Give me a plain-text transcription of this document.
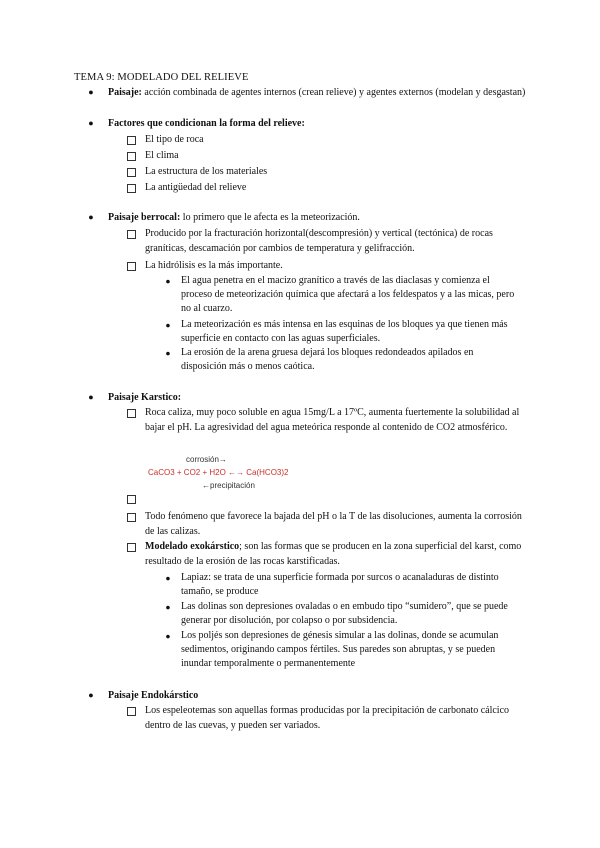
TEMA 9: MODELADO DEL RELIEVE
● Paisaje: acción combinada de agentes internos (crean relieve) y agentes externos (modelan y desgastan)
● Factores que condicionan la forma del relieve:
El tipo de roca
El clima
La estructura de los materiales
La antigüedad del relieve
● Paisaje berrocal: lo primero que le afecta es la meteorización.
Producido por la fracturación horizontal(descompresión) y vertical (tectónica) de rocas graníticas, descamación por cambios de temperatura y gelifracción.
La hidrólisis es la más importante.
● El agua penetra en el macizo granítico a través de las diaclasas y comienza el proceso de meteorización química que afectará a los feldespatos y a las micas, pero no al cuarzo.
● La meteorización es más intensa en las esquinas de los bloques ya que tienen más superficie en contacto con las aguas superficiales.
● La erosión de la arena gruesa dejará los bloques redondeados apilados en disposición más o menos caótica.
● Paisaje Karstico:
Roca caliza, muy poco soluble en agua 15mg/L a 17ºC, aumenta fuertemente la solubilidad al bajar el pH. La agresividad del agua meteórica responde al contenido de CO2 atmosférico.
corrosión→
CaCO3 + CO2 + H2O ←→ Ca(HCO3)2
←precipitación
Todo fenómeno que favorece la bajada del pH o la T de las disoluciones, aumenta la corrosión de las calizas.
Modelado exokárstico; son las formas que se producen en la zona superficial del karst, como resultado de la erosión de las rocas karstificadas.
● Lapiaz: se trata de una superficie formada por surcos o acanaladuras de distinto tamaño, se produce
● Las dolinas son depresiones ovaladas o en embudo tipo “sumidero”, que se puede generar por disolución, por colapso o por subsidencia.
● Los poljés son depresiones de génesis simular a las dolinas, donde se acumulan sedimentos, originando campos fértiles. Sus paredes son abruptas, y se pueden inundar temporalmente o permanentemente
● Paisaje Endokárstico
Los espeleotemas son aquellas formas producidas por la precipitación de carbonato cálcico dentro de las cuevas, y pueden ser variados.
